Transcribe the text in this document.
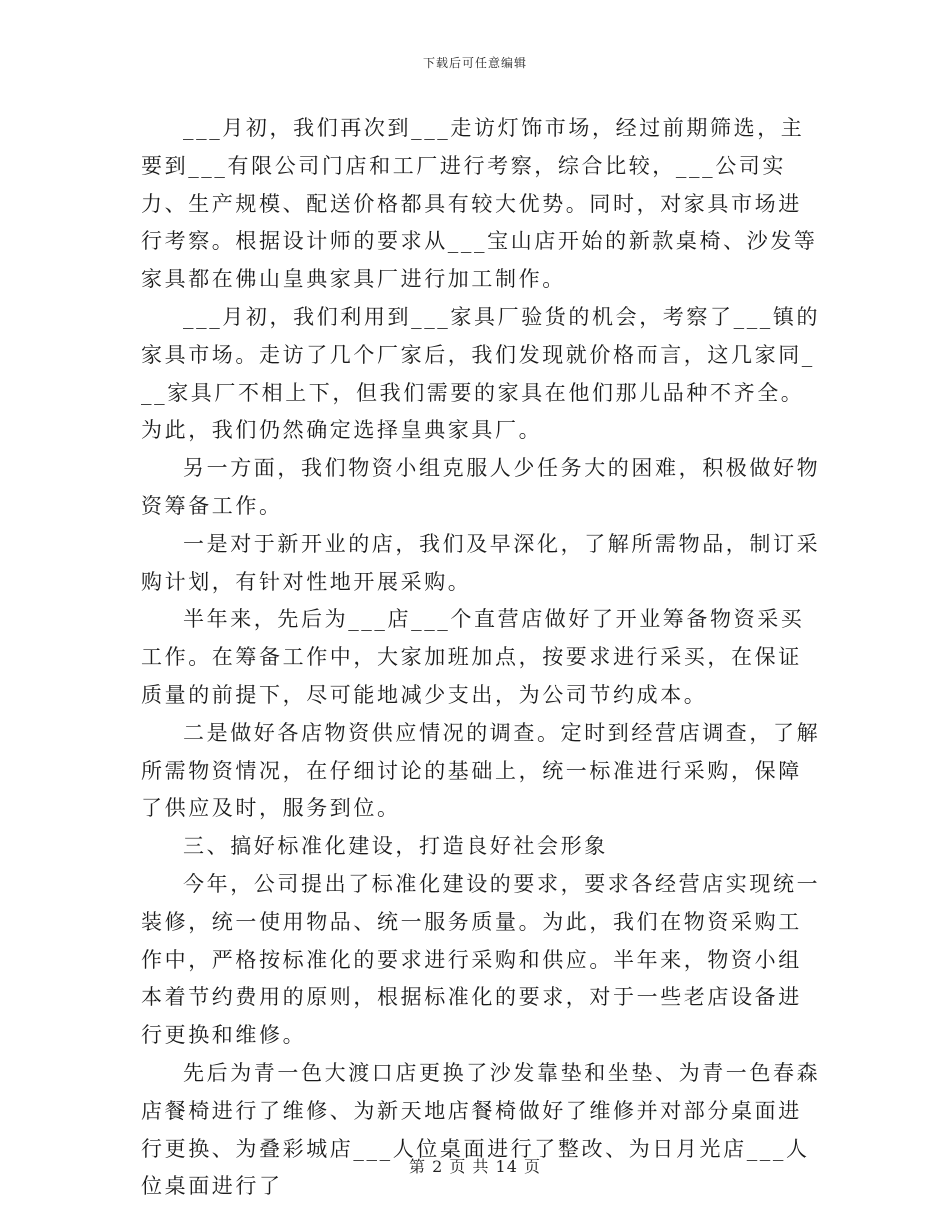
下载后可任意编辑

___月初，我们再次到___走访灯饰市场，经过前期筛选，主要到___有限公司门店和工厂进行考察，综合比较，___公司实力、生产规模、配送价格都具有较大优势。同时，对家具市场进行考察。根据设计师的要求从___宝山店开始的新款桌椅、沙发等家具都在佛山皇典家具厂进行加工制作。

___月初，我们利用到___家具厂验货的机会，考察了___镇的家具市场。走访了几个厂家后，我们发现就价格而言，这几家同___家具厂不相上下，但我们需要的家具在他们那儿品种不齐全。为此，我们仍然确定选择皇典家具厂。

另一方面，我们物资小组克服人少任务大的困难，积极做好物资筹备工作。

一是对于新开业的店，我们及早深化，了解所需物品，制订采购计划，有针对性地开展采购。

半年来，先后为___店___个直营店做好了开业筹备物资采买工作。在筹备工作中，大家加班加点，按要求进行采买，在保证质量的前提下，尽可能地减少支出，为公司节约成本。

二是做好各店物资供应情况的调查。定时到经营店调查，了解所需物资情况，在仔细讨论的基础上，统一标准进行采购，保障了供应及时，服务到位。

三、搞好标准化建设，打造良好社会形象

今年，公司提出了标准化建设的要求，要求各经营店实现统一装修，统一使用物品、统一服务质量。为此，我们在物资采购工作中，严格按标准化的要求进行采购和供应。半年来，物资小组本着节约费用的原则，根据标准化的要求，对于一些老店设备进行更换和维修。

先后为青一色大渡口店更换了沙发靠垫和坐垫、为青一色春森店餐椅进行了维修、为新天地店餐椅做好了维修并对部分桌面进行更换、为叠彩城店___人位桌面进行了整改、为日月光店___人位桌面进行了

第 2 页 共 14 页
